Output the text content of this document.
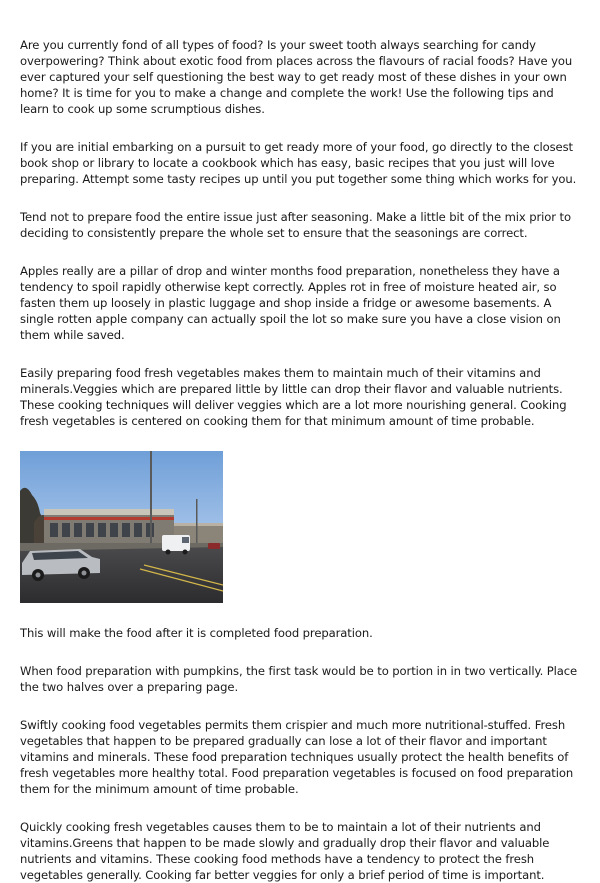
Are you currently fond of all types of food? Is your sweet tooth always searching for candy overpowering? Think about exotic food from places across the flavours of racial foods? Have you ever captured your self questioning the best way to get ready most of these dishes in your own home? It is time for you to make a change and complete the work! Use the following tips and learn to cook up some scrumptious dishes.

If you are initial embarking on a pursuit to get ready more of your food, go directly to the closest book shop or library to locate a cookbook which has easy, basic recipes that you just will love preparing. Attempt some tasty recipes up until you put together some thing which works for you.

Tend not to prepare food the entire issue just after seasoning. Make a little bit of the mix prior to deciding to consistently prepare the whole set to ensure that the seasonings are correct.

Apples really are a pillar of drop and winter months food preparation, nonetheless they have a tendency to spoil rapidly otherwise kept correctly. Apples rot in free of moisture heated air, so fasten them up loosely in plastic luggage and shop inside a fridge or awesome basements. A single rotten apple company can actually spoil the lot so make sure you have a close vision on them while saved.

Easily preparing food fresh vegetables makes them to maintain much of their vitamins and minerals.Veggies which are prepared little by little can drop their flavor and valuable nutrients. These cooking techniques will deliver veggies which are a lot more nourishing general. Cooking fresh vegetables is centered on cooking them for that minimum amount of time probable.

This will make the food after it is completed food preparation.

When food preparation with pumpkins, the first task would be to portion in in two vertically. Place the two halves over a preparing page.

Swiftly cooking food vegetables permits them crispier and much more nutritional-stuffed. Fresh vegetables that happen to be prepared gradually can lose a lot of their flavor and important vitamins and minerals. These food preparation techniques usually protect the health benefits of fresh vegetables more healthy total. Food preparation vegetables is focused on food preparation them for the minimum amount of time probable.

Quickly cooking fresh vegetables causes them to be to maintain a lot of their nutrients and vitamins.Greens that happen to be made slowly and gradually drop their flavor and valuable nutrients and vitamins. These cooking food methods have a tendency to protect the fresh vegetables generally. Cooking far better veggies for only a brief period of time is important.
